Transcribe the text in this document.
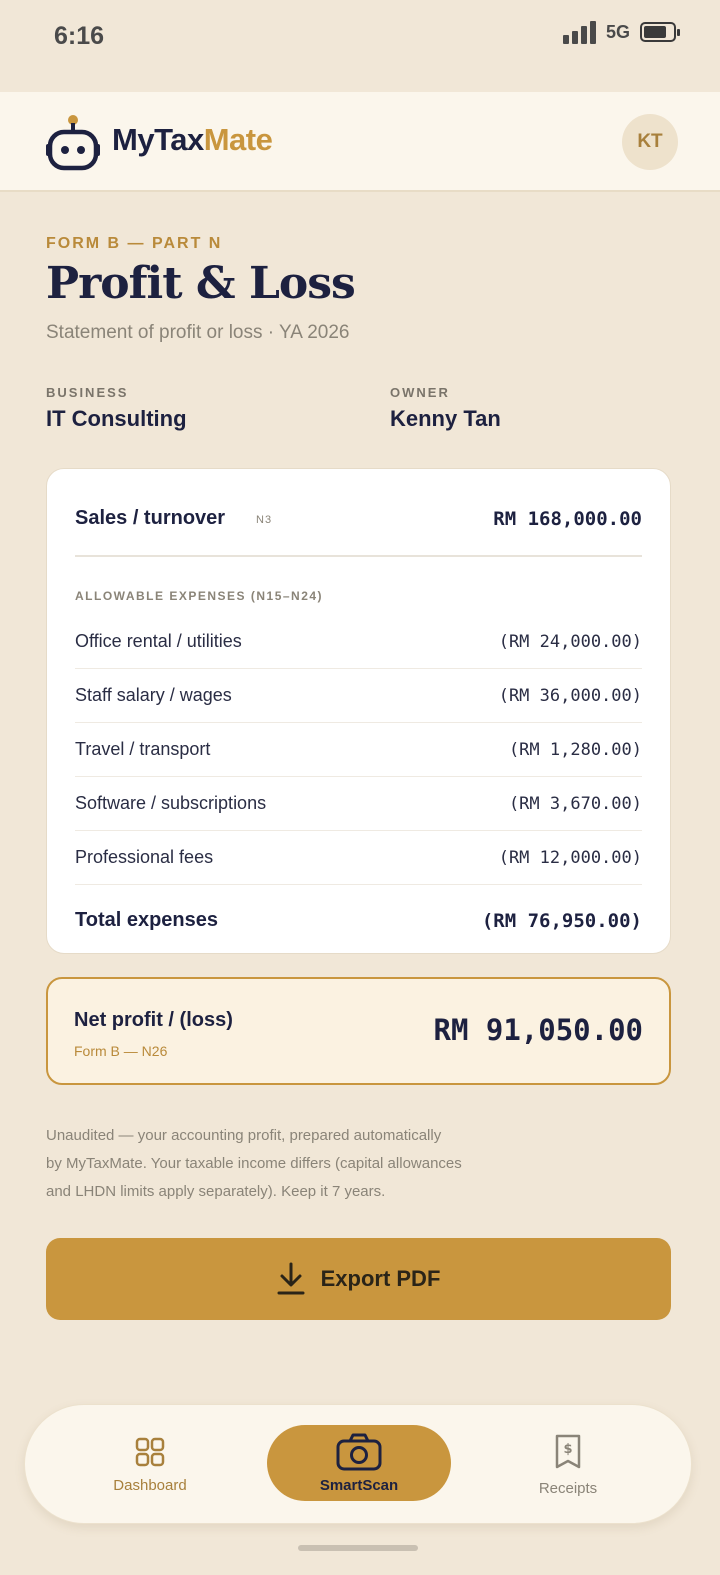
6:16	5G
MyTaxMate	KT
FORM B — PART N
Profit & Loss
Statement of profit or loss · YA 2026
BUSINESS
IT Consulting
OWNER
Kenny Tan
Sales / turnover	N3	RM 168,000.00
ALLOWABLE EXPENSES (N15–N24)
Office rental / utilities	(RM 24,000.00)
Staff salary / wages	(RM 36,000.00)
Travel / transport	(RM 1,280.00)
Software / subscriptions	(RM 3,670.00)
Professional fees	(RM 12,000.00)
Total expenses	(RM 76,950.00)
Net profit / (loss)
Form B — N26
RM 91,050.00
Unaudited — your accounting profit, prepared automatically
by MyTaxMate. Your taxable income differs (capital allowances
and LHDN limits apply separately). Keep it 7 years.
Export PDF
Dashboard	SmartScan
$
Receipts
